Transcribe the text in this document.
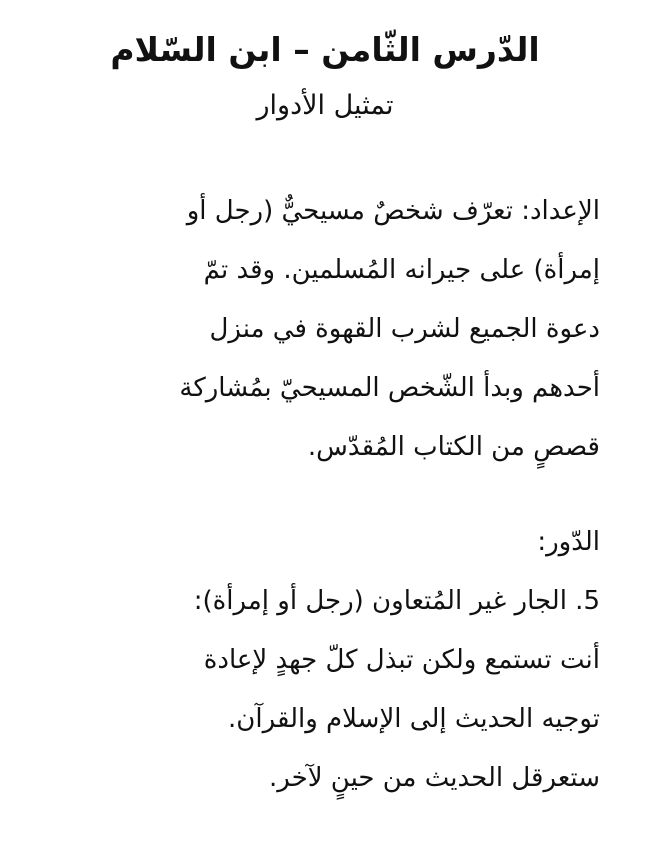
الدّرس الثّامن – ابن السّلام
تمثيل الأدوار
الإعداد: تعرّف شخصٌ مسيحيٌّ (رجل أو
إمرأة) على جيرانه المُسلمين. وقد تمّ
دعوة الجميع لشرب القهوة في منزل
أحدهم وبدأ الشّخص المسيحيّ بمُشاركة
قصصٍ من الكتاب المُقدّس.
الدّور:
5. الجار غير المُتعاون (رجل أو إمرأة):
أنت تستمع ولكن تبذل كلّ جهدٍ لإعادة
توجيه الحديث إلى الإسلام والقرآن.
ستعرقل الحديث من حينٍ لآخر.
